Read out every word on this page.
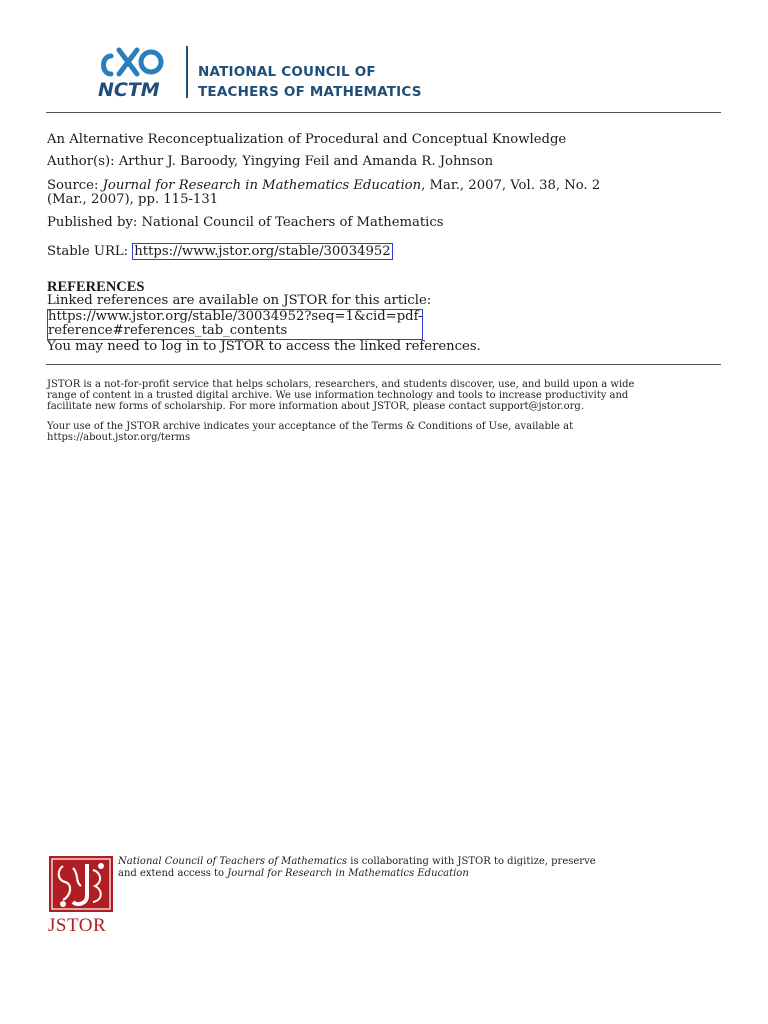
NCTM
NATIONAL COUNCIL OF
TEACHERS OF MATHEMATICS
An Alternative Reconceptualization of Procedural and Conceptual Knowledge
Author(s): Arthur J. Baroody, Yingying Feil and Amanda R. Johnson
Source: Journal for Research in Mathematics Education, Mar., 2007, Vol. 38, No. 2
(Mar., 2007), pp. 115-131
Published by: National Council of Teachers of Mathematics
Stable URL: https://www.jstor.org/stable/30034952
REFERENCES
Linked references are available on JSTOR for this article:
https://www.jstor.org/stable/30034952?seq=1&cid=pdf-
reference#references_tab_contents
You may need to log in to JSTOR to access the linked references.
JSTOR is a not-for-profit service that helps scholars, researchers, and students discover, use, and build upon a wide
range of content in a trusted digital archive. We use information technology and tools to increase productivity and
facilitate new forms of scholarship. For more information about JSTOR, please contact support@jstor.org.
Your use of the JSTOR archive indicates your acceptance of the Terms & Conditions of Use, available at
https://about.jstor.org/terms
JSTOR
National Council of Teachers of Mathematics is collaborating with JSTOR to digitize, preserve
and extend access to Journal for Research in Mathematics Education
